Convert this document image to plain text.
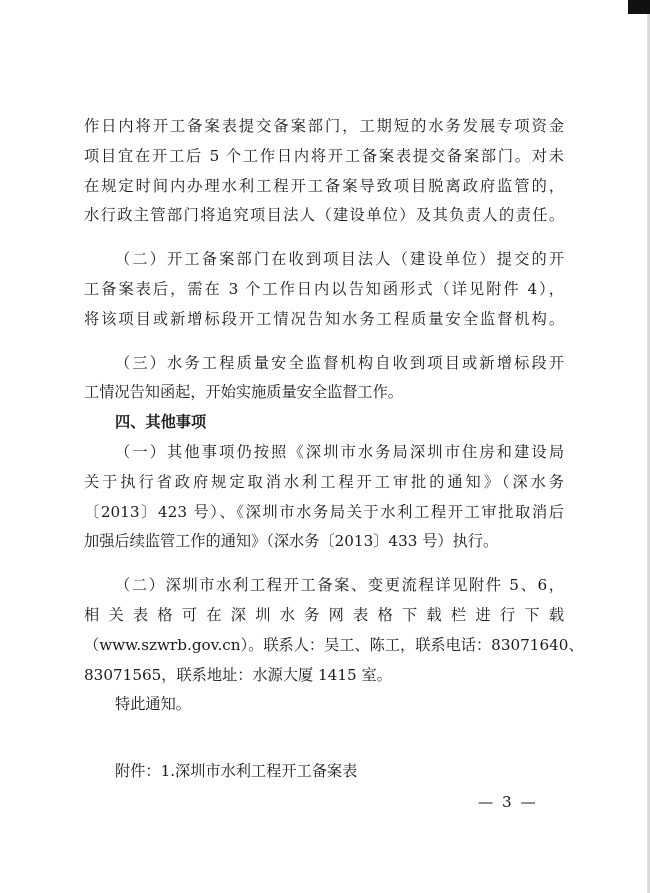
作日内将开工备案表提交备案部门，工期短的水务发展专项资金
项目宜在开工后 5 个工作日内将开工备案表提交备案部门。对未
在规定时间内办理水利工程开工备案导致项目脱离政府监管的，
水行政主管部门将追究项目法人（建设单位）及其负责人的责任。
（二）开工备案部门在收到项目法人（建设单位）提交的开
工备案表后，需在 3 个工作日内以告知函形式（详见附件 4），
将该项目或新增标段开工情况告知水务工程质量安全监督机构。
（三）水务工程质量安全监督机构自收到项目或新增标段开
工情况告知函起，开始实施质量安全监督工作。
四、其他事项
（一）其他事项仍按照《深圳市水务局深圳市住房和建设局
关于执行省政府规定取消水利工程开工审批的通知》（深水务
〔2013〕423 号）、《深圳市水务局关于水利工程开工审批取消后
加强后续监管工作的通知》（深水务〔2013〕433 号）执行。
（二）深圳市水利工程开工备案、变更流程详见附件 5、6，
相关表格可在深圳水务网表格下载栏进行下载
（www.szwrb.gov.cn）。联系人：吴工、陈工，联系电话：83071640、
83071565，联系地址：水源大厦 1415 室。
特此通知。
附件：1.深圳市水利工程开工备案表
— 3 —
